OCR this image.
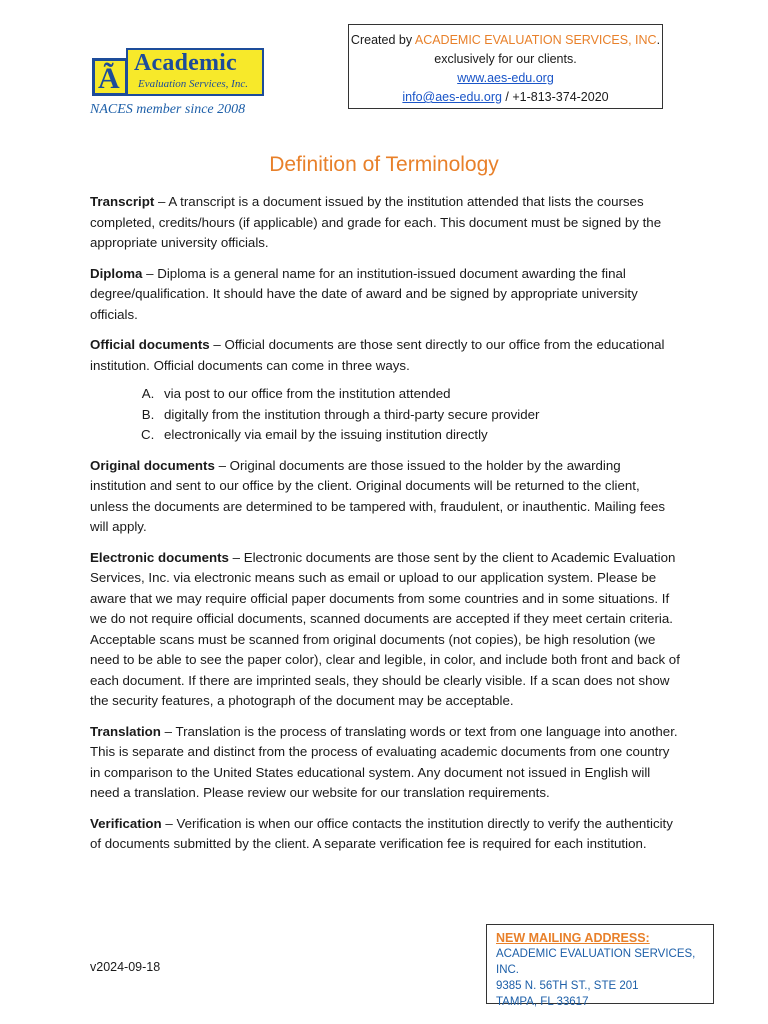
Ã Academic
Evaluation Services, Inc.
NACES member since 2008
Created by ACADEMIC EVALUATION SERVICES, INC.
exclusively for our clients.
www.aes-edu.org
info@aes-edu.org / +1-813-374-2020
Definition of Terminology

Transcript – A transcript is a document issued by the institution attended that lists the courses completed, credits/hours (if applicable) and grade for each. This document must be signed by the appropriate university officials.

Diploma – Diploma is a general name for an institution-issued document awarding the final degree/qualification. It should have the date of award and be signed by appropriate university officials.

Official documents – Official documents are those sent directly to our office from the educational institution. Official documents can come in three ways.

A. via post to our office from the institution attended
B. digitally from the institution through a third-party secure provider
C. electronically via email by the issuing institution directly

Original documents – Original documents are those issued to the holder by the awarding institution and sent to our office by the client. Original documents will be returned to the client, unless the documents are determined to be tampered with, fraudulent, or inauthentic. Mailing fees will apply.

Electronic documents – Electronic documents are those sent by the client to Academic Evaluation Services, Inc. via electronic means such as email or upload to our application system. Please be aware that we may require official paper documents from some countries and in some situations. If we do not require official documents, scanned documents are accepted if they meet certain criteria. Acceptable scans must be scanned from original documents (not copies), be high resolution (we need to be able to see the paper color), clear and legible, in color, and include both front and back of each document. If there are imprinted seals, they should be clearly visible. If a scan does not show the security features, a photograph of the document may be acceptable.

Translation – Translation is the process of translating words or text from one language into another. This is separate and distinct from the process of evaluating academic documents from one country in comparison to the United States educational system. Any document not issued in English will need a translation. Please review our website for our translation requirements.

Verification – Verification is when our office contacts the institution directly to verify the authenticity of documents submitted by the client. A separate verification fee is required for each institution.

v2024-09-18
NEW MAILING ADDRESS:
ACADEMIC EVALUATION SERVICES, INC.
9385 N. 56TH ST., STE 201
TAMPA, FL 33617
